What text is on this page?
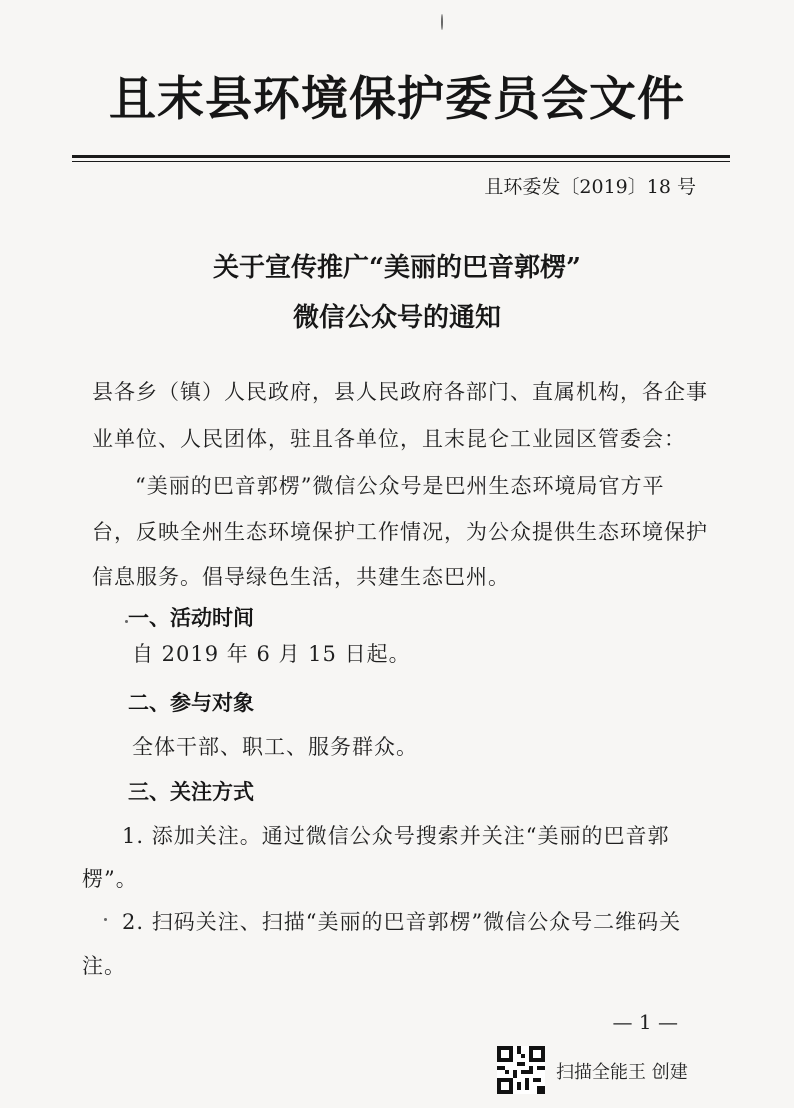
且末县环境保护委员会文件
且环委发〔2019〕18 号
关于宣传推广“美丽的巴音郭楞”
微信公众号的通知
县各乡（镇）人民政府，县人民政府各部门、直属机构，各企事
业单位、人民团体，驻且各单位，且末昆仑工业园区管委会：
“美丽的巴音郭楞”微信公众号是巴州生态环境局官方平
台，反映全州生态环境保护工作情况，为公众提供生态环境保护
信息服务。倡导绿色生活，共建生态巴州。
一、活动时间
自 2019 年 6 月 15 日起。
二、参与对象
全体干部、职工、服务群众。
三、关注方式
1. 添加关注。通过微信公众号搜索并关注“美丽的巴音郭
楞”。
2. 扫码关注、扫描“美丽的巴音郭楞”微信公众号二维码关
注。
— 1 —
扫描全能王 创建
